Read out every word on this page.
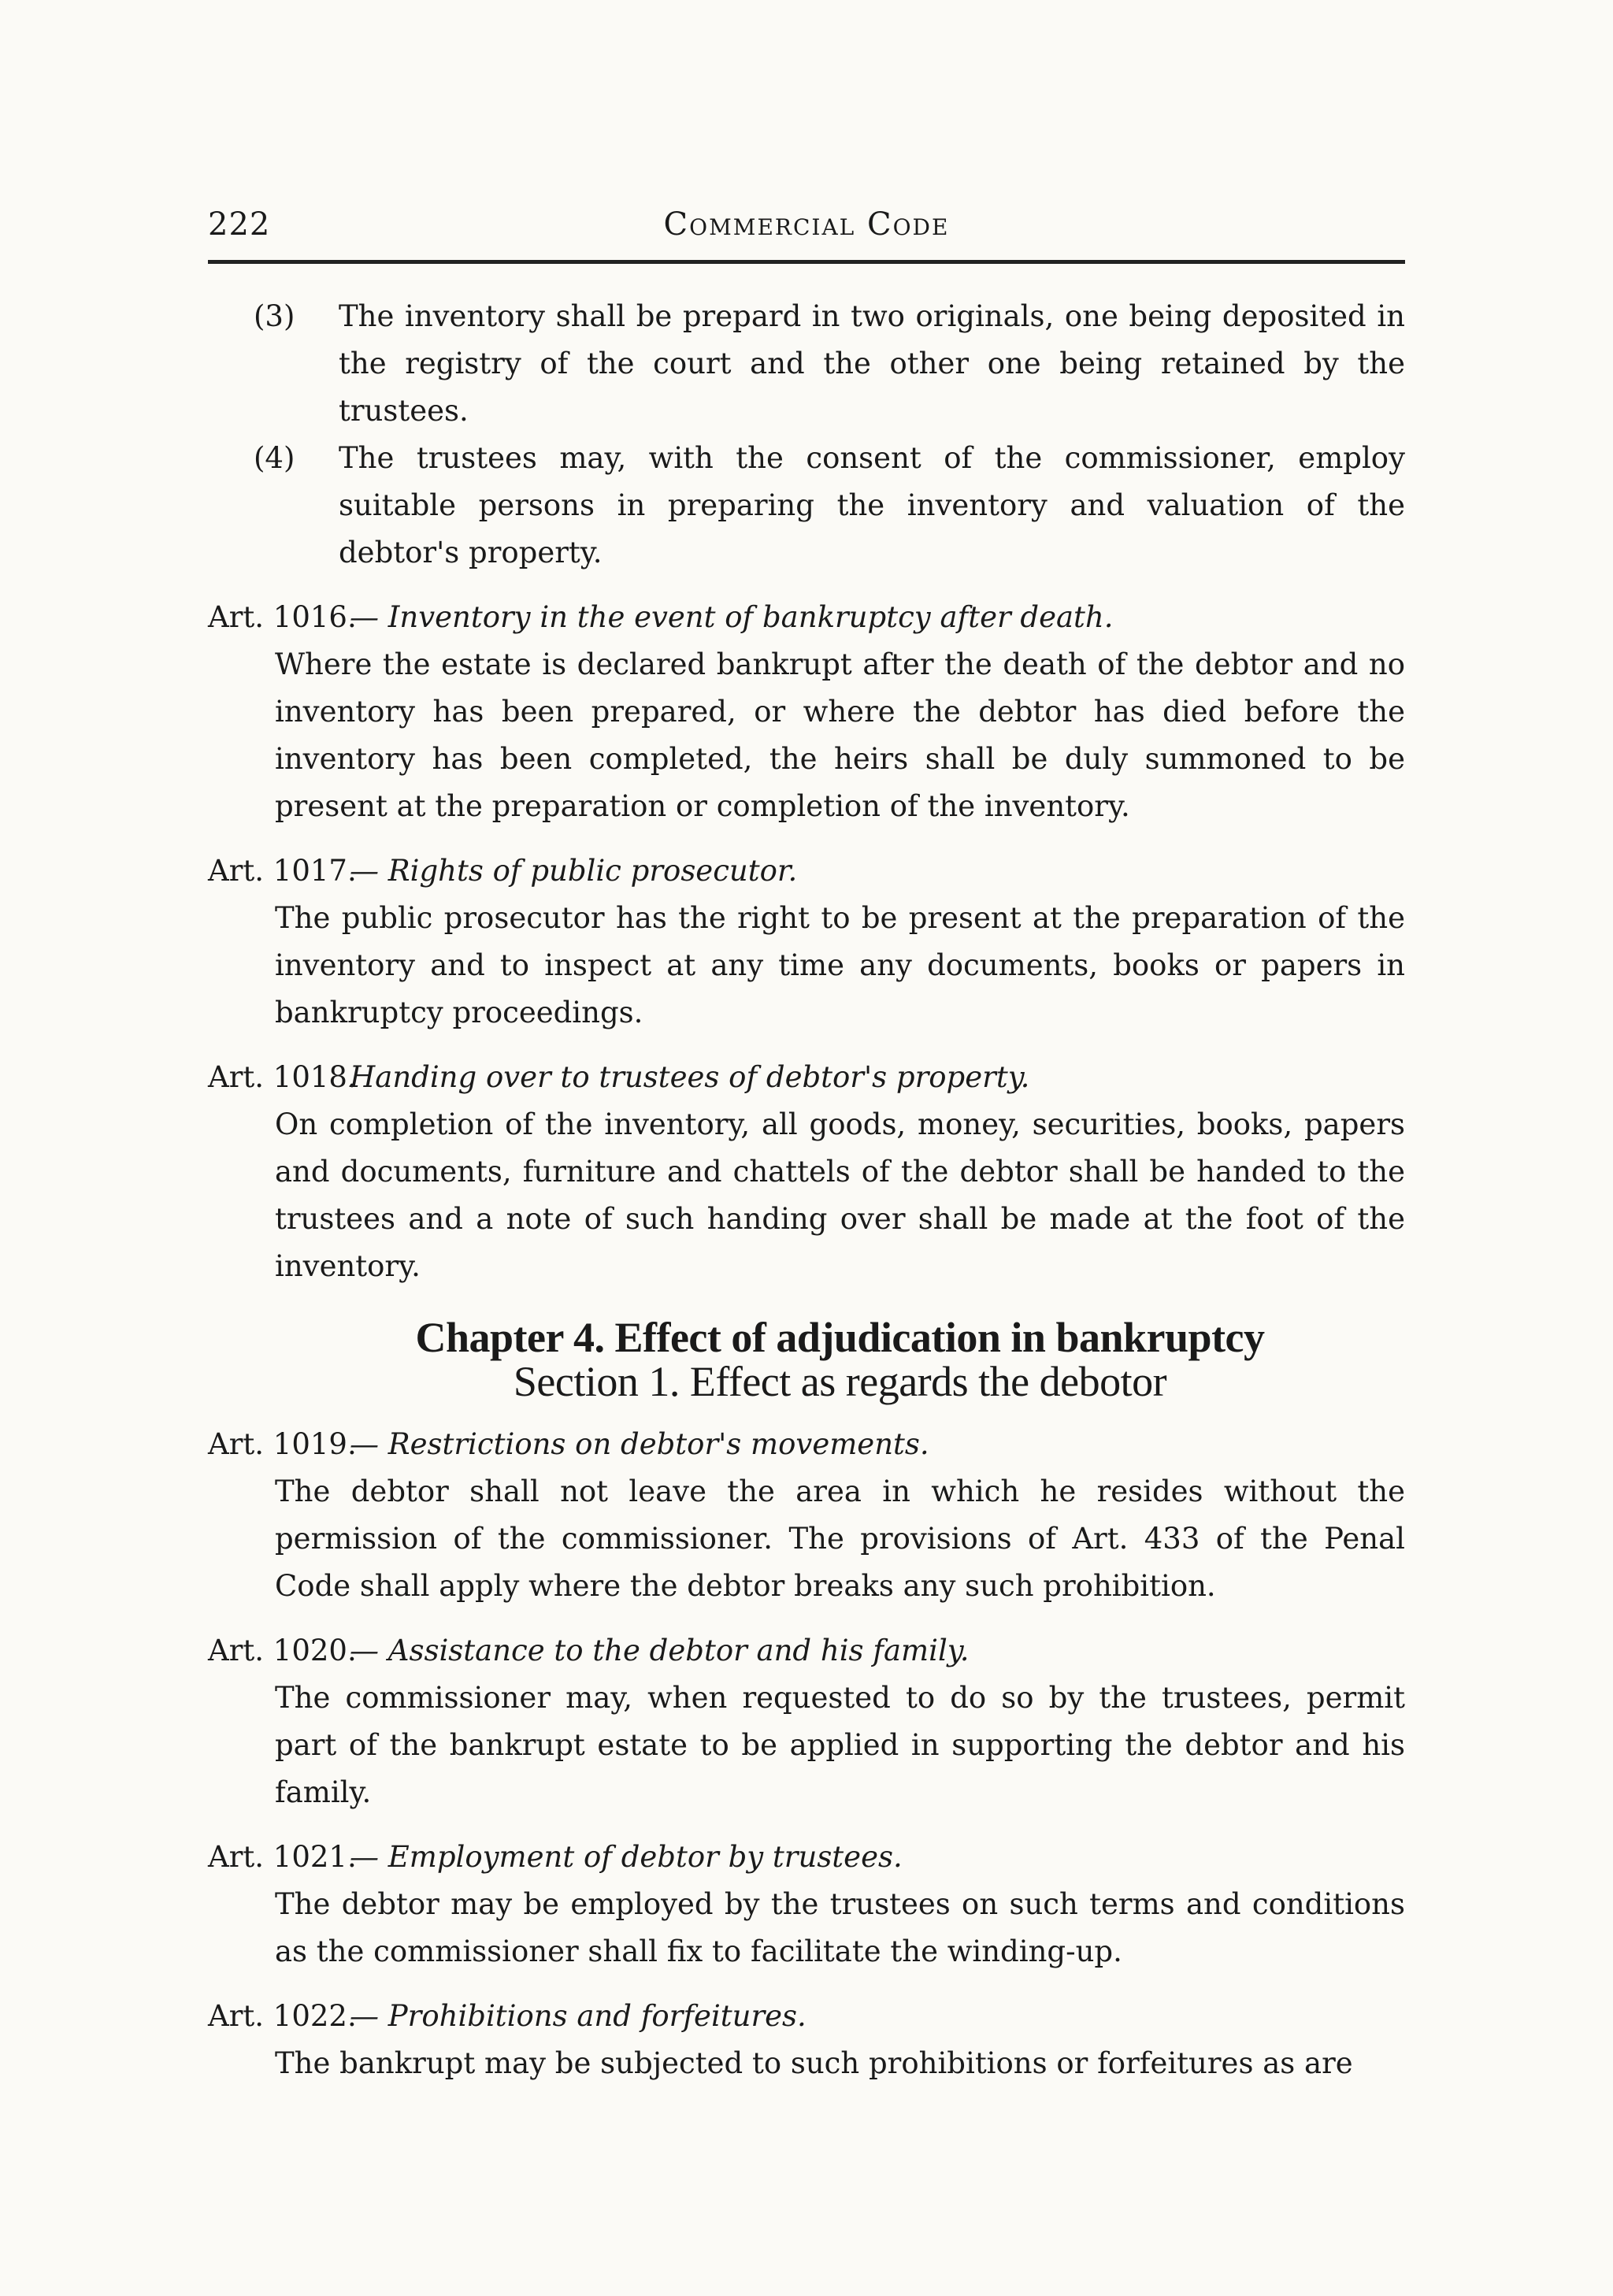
222	Commercial Code
(3) The inventory shall be prepard in two originals, one being deposited in the registry of the court and the other one being retained by the trustees.
(4) The trustees may, with the consent of the commissioner, employ suitable persons in preparing the inventory and valuation of the debtor's property.
Art. 1016.
— Inventory in the event of bankruptcy after death.
Where the estate is declared bankrupt after the death of the debtor and no inventory has been prepared, or where the debtor has died before the inventory has been completed, the heirs shall be duly summoned to be present at the preparation or completion of the inventory.
Art. 1017.
— Rights of public prosecutor.
The public prosecutor has the right to be present at the preparation of the inventory and to inspect at any time any documents, books or papers in bankruptcy proceedings.
Art. 1018.
Handing over to trustees of debtor's property.
On completion of the inventory, all goods, money, securities, books, papers and documents, furniture and chattels of the debtor shall be handed to the trustees and a note of such handing over shall be made at the foot of the inventory.
Chapter 4. Effect of adjudication in bankruptcy
Section 1. Effect as regards the debotor
Art. 1019.
— Restrictions on debtor's movements.
The debtor shall not leave the area in which he resides without the permission of the commissioner. The provisions of Art. 433 of the Penal Code shall apply where the debtor breaks any such prohibition.
Art. 1020.
— Assistance to the debtor and his family.
The commissioner may, when requested to do so by the trustees, permit part of the bankrupt estate to be applied in supporting the debtor and his family.
Art. 1021.
— Employment of debtor by trustees.
The debtor may be employed by the trustees on such terms and conditions as the commissioner shall fix to facilitate the winding-up.
Art. 1022.
— Prohibitions and forfeitures.
The bankrupt may be subjected to such prohibitions or forfeitures as are
